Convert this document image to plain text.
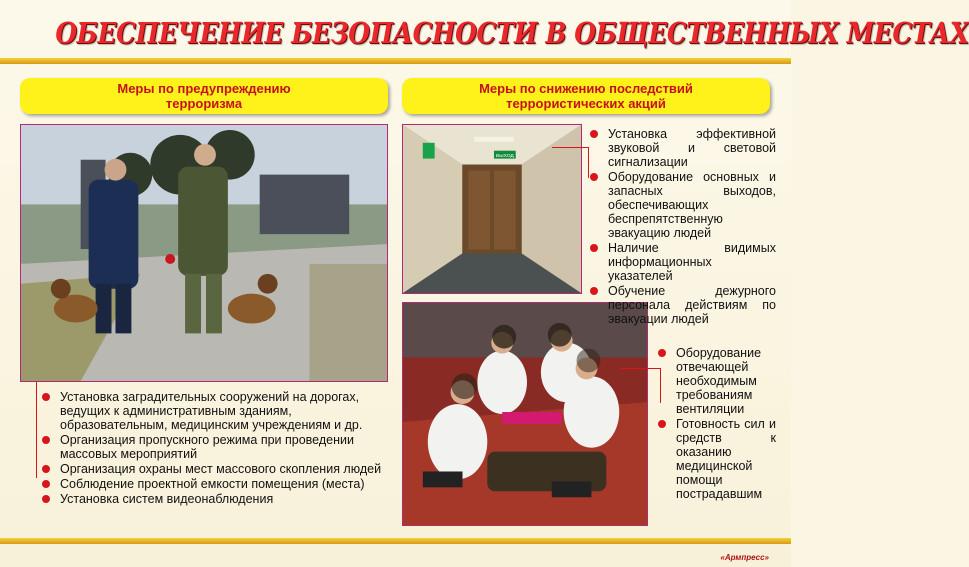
ОБЕСПЕЧЕНИЕ БЕЗОПАСНОСТИ В ОБЩЕСТВЕННЫХ МЕСТАХ
Меры по предупреждению
терроризма
Меры по снижению последствий
террористических акций
ВЫХОД
Установка заградительных сооружений на дорогах, ведущих к административным зданиям, образовательным, медицинским учреждениям и др.
Организация пропускного режима при проведении массовых мероприятий
Организация охраны мест массового скопления людей
Соблюдение проектной емкости помещения (места)
Установка систем видеонаблюдения
Установка эффективной звуковой и световой сигнализации
Оборудование основных и запасных выходов, обеспечивающих беспрепятственную эвакуацию людей
Наличие видимых информационных указателей
Обучение дежурного персонала действиям по эвакуации людей
Оборудование отвечающей необходимым требованиям вентиляции
Готовность сил и средств к оказанию медицинской помощи пострадавшим
«Армпресс»
